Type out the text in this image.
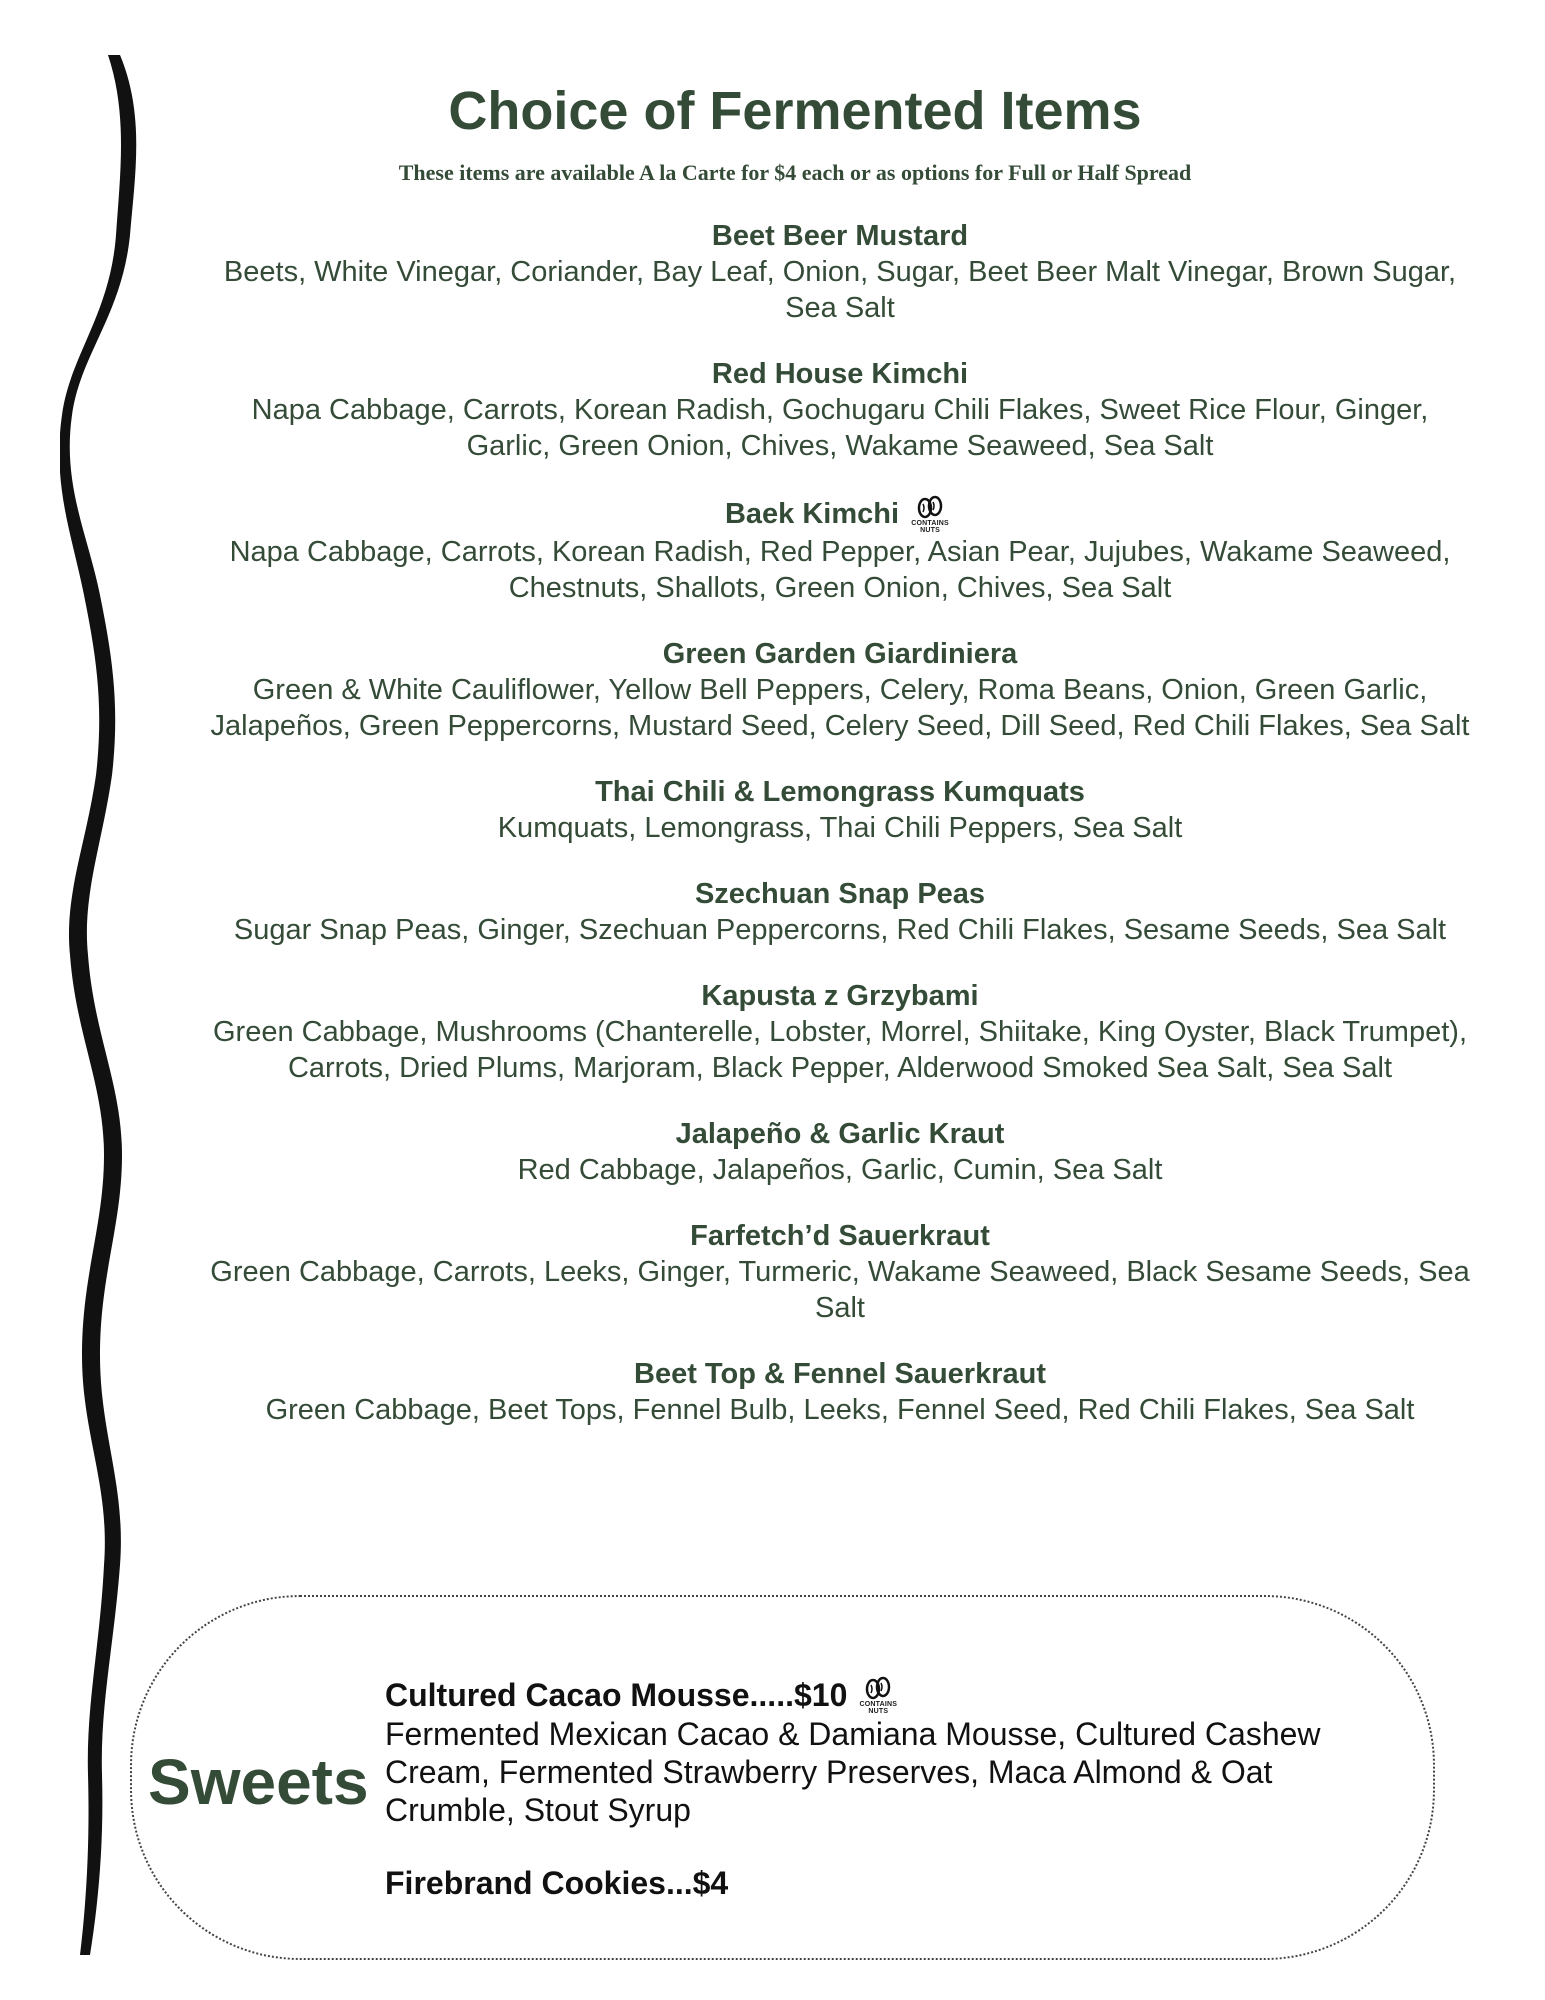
Choice of Fermented Items
These items are available A la Carte for $4 each or as options for Full or Half Spread
Beet Beer Mustard
Beets, White Vinegar, Coriander, Bay Leaf, Onion, Sugar, Beet Beer Malt Vinegar, Brown Sugar, Sea Salt
Red House Kimchi
Napa Cabbage, Carrots, Korean Radish, Gochugaru Chili Flakes, Sweet Rice Flour, Ginger, Garlic, Green Onion, Chives, Wakame Seaweed, Sea Salt
Baek Kimchi CONTAINS
NUTS
Napa Cabbage, Carrots, Korean Radish, Red Pepper, Asian Pear, Jujubes, Wakame Seaweed, Chestnuts, Shallots, Green Onion, Chives, Sea Salt
Green Garden Giardiniera
Green & White Cauliflower, Yellow Bell Peppers, Celery, Roma Beans, Onion, Green Garlic, Jalapeños, Green Peppercorns, Mustard Seed, Celery Seed, Dill Seed, Red Chili Flakes, Sea Salt
Thai Chili & Lemongrass Kumquats
Kumquats, Lemongrass, Thai Chili Peppers, Sea Salt
Szechuan Snap Peas
Sugar Snap Peas, Ginger, Szechuan Peppercorns, Red Chili Flakes, Sesame Seeds, Sea Salt
Kapusta z Grzybami
Green Cabbage, Mushrooms (Chanterelle, Lobster, Morrel, Shiitake, King Oyster, Black Trumpet), Carrots, Dried Plums, Marjoram, Black Pepper, Alderwood Smoked Sea Salt, Sea Salt
Jalapeño & Garlic Kraut
Red Cabbage, Jalapeños, Garlic, Cumin, Sea Salt
Farfetch’d Sauerkraut
Green Cabbage, Carrots, Leeks, Ginger, Turmeric, Wakame Seaweed, Black Sesame Seeds, Sea Salt
Beet Top & Fennel Sauerkraut
Green Cabbage, Beet Tops, Fennel Bulb, Leeks, Fennel Seed, Red Chili Flakes, Sea Salt
Sweets
Cultured Cacao Mousse.....$10 CONTAINS
NUTS
Fermented Mexican Cacao & Damiana Mousse, Cultured Cashew Cream, Fermented Strawberry Preserves, Maca Almond & Oat Crumble, Stout Syrup
Firebrand Cookies...$4
